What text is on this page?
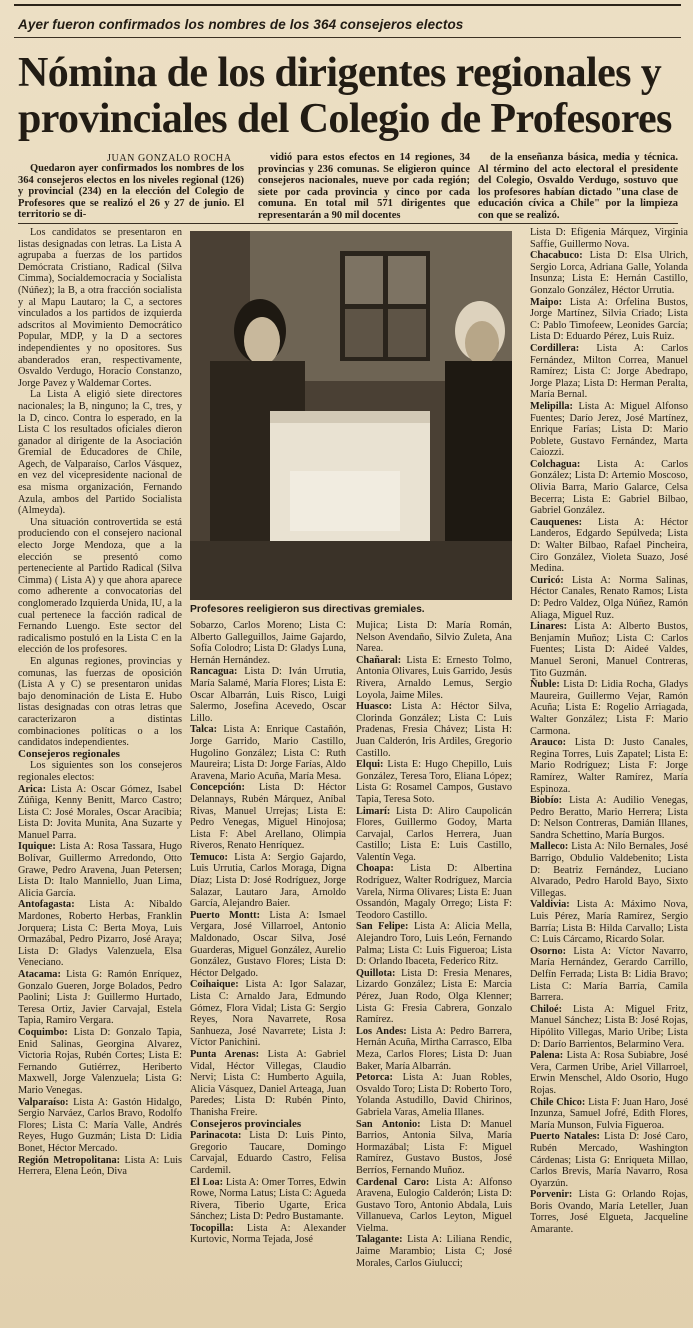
Ayer fueron confirmados los nombres de los 364 consejeros electos
Nómina de los dirigentes regionales y provinciales del Colegio de Profesores
JUAN GONZALO ROCHA

Quedaron ayer confirmados los nombres de los 364 consejeros electos en los niveles regional (126) y provincial (234) en la elección del Colegio de Profesores que se realizó el 26 y 27 de junio. El territorio se di-

vidió para estos efectos en 14 regiones, 34 provincias y 236 comunas. Se eligieron quince consejeros nacionales, nueve por cada región; siete por cada provincia y cinco por cada comuna. En total mil 571 dirigentes que representarán a 90 mil docentes

de la enseñanza básica, media y técnica. Al término del acto electoral el presidente del Colegio, Osvaldo Verdugo, sostuvo que los profesores habían dictado "una clase de educación cívica a Chile" por la limpieza con que se realizó.

Los candidatos se presentaron en listas designadas con letras. La Lista A agrupaba a fuerzas de los partidos Demócrata Cristiano, Radical (Silva Cimma), Socialdemocracia y Socialista (Núñez); la B, a otra fracción socialista y al Mapu Lautaro; la C, a sectores vinculados a los partidos de izquierda adscritos al Movimiento Democrático Popular, MDP, y la D a sectores independientes y no opositores. Sus abanderados eran, respectivamente, Osvaldo Verdugo, Horacio Constanzo, Jorge Pavez y Waldemar Cortes.

La Lista A eligió siete directores nacionales; la B, ninguno; la C, tres, y la D, cinco. Contra lo esperado, en la Lista C los resultados oficiales dieron ganador al dirigente de la Asociación Gremial de Educadores de Chile, Agech, de Valparaíso, Carlos Vásquez, en vez del vicepresidente nacional de esa misma organización, Fernando Azula, ambos del Partido Socialista (Almeyda).

Una situación controvertida se está produciendo con el consejero nacional electo Jorge Mendoza, que a la elección se presentó como perteneciente al Partido Radical (Silva Cimma) ( Lista A) y que ahora aparece como adherente a convocatorias del conglomerado Izquierda Unida, IU, a la cual pertenece la facción radical de Fernando Luengo. Este sector del radicalismo postuló en la Lista C en la elección de los profesores.

En algunas regiones, provincias y comunas, las fuerzas de oposición (Lista A y C) se presentaron unidas bajo denominación de Lista E. Hubo listas designadas con otras letras que caracterizaron a distintas combinaciones políticas o a los candidatos independientes.

Consejeros regionales

Los siguientes son los consejeros regionales electos:

Arica: Lista A: Oscar Gómez, Isabel Zúñiga, Kenny Benitt, Marco Castro; Lista C: José Morales, Oscar Aracibia; Lista D: Jovita Munita, Ana Suzarte y Manuel Parra.

Iquique: Lista A: Rosa Tassara, Hugo Bolívar, Guillermo Arredondo, Otto Grawe, Pedro Aravena, Juan Petersen; Lista D: Italo Manniello, Juan Lima, Alicia García.

Antofagasta: Lista A: Nibaldo Mardones, Roberto Herbas, Franklin Jorquera; Lista C: Berta Moya, Luis Ormazábal, Pedro Pizarro, José Araya; Lista D: Gladys Valenzuela, Elsa Veneciano.

Atacama: Lista G: Ramón Enríquez, Gonzalo Gueren, Jorge Bolados, Pedro Paolini; Lista J: Guillermo Hurtado, Teresa Ortiz, Javier Carvajal, Estela Tapia, Ramiro Vergara.

Coquimbo: Lista D: Gonzalo Tapia, Enid Salinas, Georgina Alvarez, Victoria Rojas, Rubén Cortes; Lista E: Fernando Gutiérrez, Heriberto Maxwell, Jorge Valenzuela; Lista G: Mario Venegas.

Valparaíso: Lista A: Gastón Hidalgo, Sergio Narváez, Carlos Bravo, Rodolfo Flores; Lista C: María Valle, Andrés Reyes, Hugo Guzmán; Lista D: Lidia Bonet, Héctor Mercado.

Región Metropolitana: Lista A: Luis Herrera, Elena León, Diva

Profesores reeligieron sus directivas gremiales.

Sobarzo, Carlos Moreno; Lista C: Alberto Galleguillos, Jaime Gajardo, Sofía Colodro; Lista D: Gladys Luna, Hernán Hernández.

Rancagua: Lista D: Iván Urrutia, María Salamé, María Flores; Lista E: Oscar Albarrán, Luis Risco, Luigi Salermo, Josefina Acevedo, Oscar Lillo.

Talca: Lista A: Enrique Castañón, Jorge Garrido, Mario Castillo, Hugolino González; Lista C: Ruth Maureira; Lista D: Jorge Farías, Aldo Aravena, Mario Acuña, María Mesa.

Concepción: Lista D: Héctor Delannays, Rubén Márquez, Aníbal Rivas, Manuel Urrejas; Lista E: Pedro Venegas, Miguel Hinojosa; Lista F: Abel Arellano, Olimpia Riveros, Renato Henríquez.

Temuco: Lista A: Sergio Gajardo, Luis Urrutia, Carlos Moraga, Digna Díaz; Lista D: José Rodríguez, Jorge Salazar, Lautaro Jara, Arnoldo García, Alejandro Baier.

Puerto Montt: Lista A: Ismael Vergara, José Villarroel, Antonio Maldonado, Oscar Silva, José Guarderas, Miguel González, Aurelio González, Gustavo Flores; Lista D: Héctor Delgado.

Coihaique: Lista A: Igor Salazar, Lista C: Arnaldo Jara, Edmundo Gómez, Flora Vidal; Lista G: Sergio Reyes, Nora Navarrete, Rosa Sanhueza, José Navarrete; Lista J: Víctor Panichini.

Punta Arenas: Lista A: Gabriel Vidal, Héctor Villegas, Claudio Nervi; Lista C: Humberto Aguila, Alicia Vásquez, Daniel Arteaga, Juan Paredes; Lista D: Rubén Pinto, Thanisha Freire.

Consejeros provinciales

Parinacota: Lista D: Luis Pinto, Gregorio Taucare, Domingo Carvajal, Eduardo Castro, Felisa Cardemil.

El Loa: Lista A: Omer Torres, Edwin Rowe, Norma Latus; Lista C: Agueda Rivera, Tiberio Ugarte, Erica Sánchez; Lista D: Pedro Bustamante.

Tocopilla: Lista A: Alexander Kurtovic, Norma Tejada, José

Mujica; Lista D: María Román, Nelson Avendaño, Silvio Zuleta, Ana Narea.

Chañaral: Lista E: Ernesto Tolmo, Antonia Olivares, Luis Garrido, Jesús Rivera, Arnaldo Lemus, Sergio Loyola, Jaime Miles.

Huasco: Lista A: Héctor Silva, Clorinda González; Lista C: Luis Pradenas, Fresia Chávez; Lista H: Juan Calderón, Iris Ardiles, Gregorio Castillo.

Elqui: Lista E: Hugo Chepillo, Luis González, Teresa Toro, Eliana López; Lista G: Rosamel Campos, Gustavo Tapia, Teresa Soto.

Limarí: Lista D: Aliro Caupolicán Flores, Guillermo Godoy, Marta Carvajal, Carlos Herrera, Juan Castillo; Lista E: Luis Castillo, Valentín Vega.

Choapa: Lista D: Albertina Rodríguez, Walter Rodríguez, Marcia Varela, Nirma Olivares; Lista E: Juan Ossandón, Magaly Orrego; Lista F: Teodoro Castillo.

San Felipe: Lista A: Alicia Mella, Alejandro Toro, Luis León, Fernando Palma; Lista C: Luis Figueroa; Lista D: Orlando Ibaceta, Federico Ritz.

Quillota: Lista D: Fresia Menares, Lizardo González; Lista E: Marcia Pérez, Juan Rodo, Olga Klenner; Lista G: Fresia Cabrera, Gonzalo Ramírez.

Los Andes: Lista A: Pedro Barrera, Hernán Acuña, Mirtha Carrasco, Elba Meza, Carlos Flores; Lista D: Juan Baker, María Albarrán.

Petorca: Lista A: Juan Robles, Osvaldo Toro; Lista D: Roberto Toro, Yolanda Astudillo, David Chirinos, Gabriela Varas, Amelia Illanes.

San Antonio: Lista D: Manuel Barrios, Antonia Silva, María Hormazábal; Lista F: Miguel Ramírez, Gustavo Bustos, José Berríos, Fernando Muñoz.

Cardenal Caro: Lista A: Alfonso Aravena, Eulogio Calderón; Lista D: Gustavo Toro, Antonio Abdala, Luis Villanueva, Carlos Leyton, Miguel Vielma.

Talagante: Lista A: Liliana Rendic, Jaime Marambio; Lista C; José Morales, Carlos Giulucci;

Lista D: Efigenia Márquez, Virginia Saffie, Guillermo Nova.

Chacabuco: Lista D: Elsa Ulrich, Sergio Lorca, Adriana Galle, Yolanda Insunza; Lista E: Hernán Castillo, Gonzalo González, Héctor Urrutia.

Maipo: Lista A: Orfelina Bustos, Jorge Martínez, Silvia Criado; Lista C: Pablo Timofeew, Leonides García; Lista D: Eduardo Pérez, Luis Ruiz.

Cordillera: Lista A: Carlos Fernández, Milton Correa, Manuel Ramírez; Lista C: Jorge Abedrapo, Jorge Plaza; Lista D: Herman Peralta, María Bernal.

Melipilla: Lista A: Miguel Alfonso Fuentes; Darío Jerez, José Martínez, Enrique Farías; Lista D: Mario Poblete, Gustavo Fernández, Marta Caiozzi.

Colchagua: Lista A: Carlos González; Lista D: Artemio Moscoso, Olivia Barra, Mario Galarce, Celsa Becerra; Lista E: Gabriel Bilbao, Gabriel González.

Cauquenes: Lista A: Héctor Landeros, Edgardo Sepúlveda; Lista D: Walter Bilbao, Rafael Pincheira, Ciro González, Violeta Suazo, José Medina.

Curicó: Lista A: Norma Salinas, Héctor Canales, Renato Ramos; Lista D: Pedro Valdez, Olga Núñez, Ramón Aliaga, Miguel Ruz.

Linares: Lista A: Alberto Bustos, Benjamín Muñoz; Lista C: Carlos Fuentes; Lista D: Aideé Valdes, Manuel Seroni, Manuel Contreras, Tito Guzmán.

Ñuble: Lista D: Lidia Rocha, Gladys Maureira, Guillermo Vejar, Ramón Acuña; Lista E: Rogelio Arriagada, Walter González; Lista F: Mario Carmona.

Arauco: Lista D: Justo Canales, Regina Torres, Luis Zapatel; Lista E: Mario Rodríguez; Lista F: Jorge Ramírez, Walter Ramírez, María Espinoza.

Biobío: Lista A: Audilio Venegas, Pedro Beratto, Mario Herrera; Lista D: Nelson Contreras, Damián Illanes, Sandra Schettino, María Burgos.

Malleco: Lista A: Nilo Bernales, José Barrigo, Obdulio Valdebenito; Lista D: Beatriz Fernández, Luciano Alvarado, Pedro Harold Bayo, Sixto Villegas.

Valdivia: Lista A: Máximo Nova, Luis Pérez, María Ramírez, Sergio Barría; Lista B: Hilda Carvallo; Lista C: Luis Cárcamo, Ricardo Solar.

Osorno: Lista A: Víctor Navarro, María Hernández, Gerardo Carrillo, Delfín Ferrada; Lista B: Lidia Bravo; Lista C: María Barría, Camila Barrera.

Chiloé: Lista A: Miguel Fritz, Manuel Sánchez; Lista B: José Rojas, Hipólito Villegas, Mario Uribe; Lista D: Darío Barrientos, Belarmino Vera.

Palena: Lista A: Rosa Subiabre, José Vera, Carmen Uribe, Ariel Villarroel, Erwin Menschel, Aldo Osorio, Hugo Rojas.

Chile Chico: Lista F: Juan Haro, José Inzunza, Samuel Jofré, Edith Flores, María Munson, Fulvia Figueroa.

Puerto Natales: Lista D: José Caro, Rubén Mercado, Washington Cárdenas; Lista G: Enriqueta Millao, Carlos Brevis, María Navarro, Rosa Oyarzún.

Porvenir: Lista G: Orlando Rojas, Boris Ovando, María Leteller, Juan Torres, José Elgueta, Jacqueline Amarante.
